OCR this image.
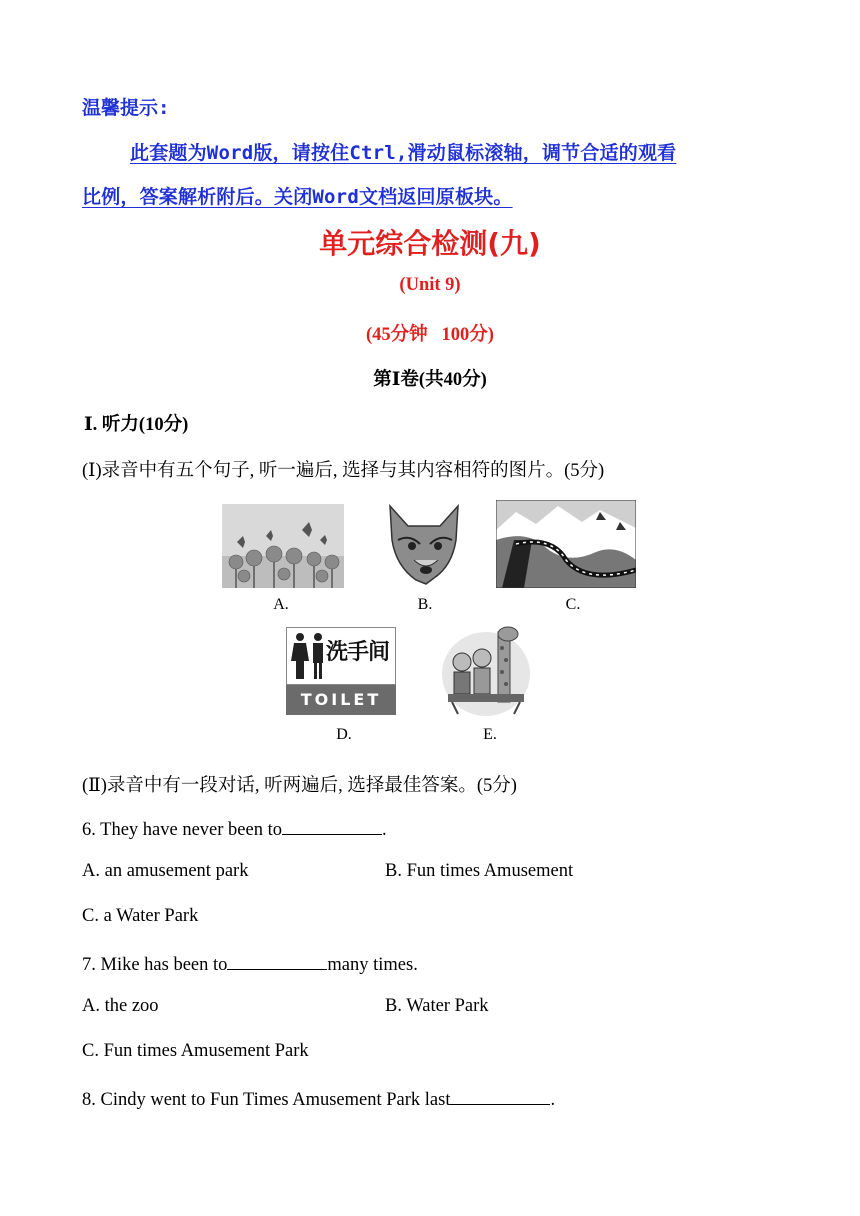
温馨提示:
此套题为Word版，请按住Ctrl,滑动鼠标滚轴，调节合适的观看
比例，答案解析附后。关闭Word文档返回原板块。
单元综合检测(九)
(Unit 9)
(45分钟   100分)
第Ⅰ卷(共40分)
Ⅰ. 听力(10分)
(Ⅰ)录音中有五个句子, 听一遍后, 选择与其内容相符的图片。(5分)
A.	B.	C.
洗手间
TOILET
D.	E.
(Ⅱ)录音中有一段对话, 听两遍后, 选择最佳答案。(5分)
6. They have never been to	.
A. an amusement park	B. Fun times Amusement
C. a Water Park
7. Mike has been to	many times.
A. the zoo	B. Water Park
C. Fun times Amusement Park
8. Cindy went to Fun Times Amusement Park last	.
